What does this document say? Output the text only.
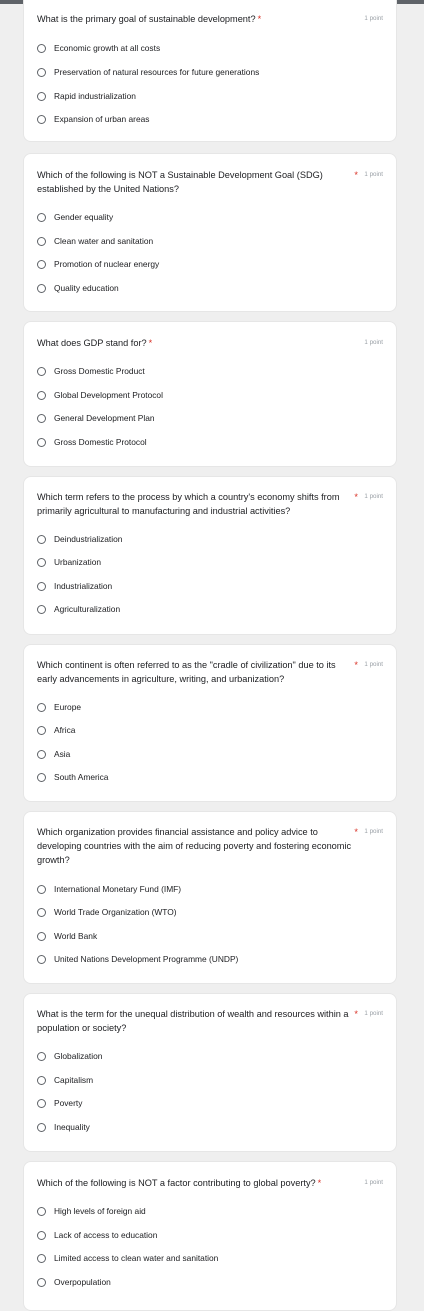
What is the primary goal of sustainable development? *	1 point
Economic growth at all costs
Preservation of natural resources for future generations
Rapid industrialization
Expansion of urban areas
Which of the following is NOT a Sustainable Development Goal (SDG) established by the United Nations?
* 1 point
Gender equality
Clean water and sanitation
Promotion of nuclear energy
Quality education
What does GDP stand for? *	1 point
Gross Domestic Product
Global Development Protocol
General Development Plan
Gross Domestic Protocol
Which term refers to the process by which a country's economy shifts from primarily agricultural to manufacturing and industrial activities?
* 1 point
Deindustrialization
Urbanization
Industrialization
Agriculturalization
Which continent is often referred to as the "cradle of civilization" due to its early advancements in agriculture, writing, and urbanization?
* 1 point
Europe
Africa
Asia
South America
Which organization provides financial assistance and policy advice to developing countries with the aim of reducing poverty and fostering economic growth?
* 1 point
International Monetary Fund (IMF)
World Trade Organization (WTO)
World Bank
United Nations Development Programme (UNDP)
What is the term for the unequal distribution of wealth and resources within a population or society?
* 1 point
Globalization
Capitalism
Poverty
Inequality
Which of the following is NOT a factor contributing to global poverty? *	1 point
High levels of foreign aid
Lack of access to education
Limited access to clean water and sanitation
Overpopulation
